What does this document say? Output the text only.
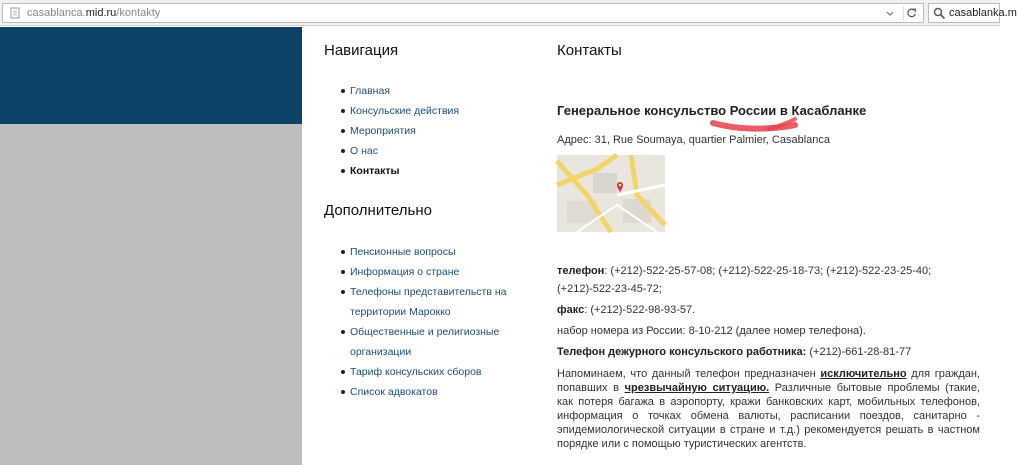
casablanca.mid.ru/kontakty	casablanka.m
Навигация
Главная
Консульские действия
Мероприятия
О нас
Контакты
Дополнительно
Пенсионные вопросы
Информация о стране
Телефоны представительств на
территории Марокко
Общественные и религиозные
организации
Тариф консульских сборов
Список адвокатов
Контакты
Генеральное консульство России в Касабланке
Адрес: 31, Rue Soumaya, quartier Palmier, Casablanca
телефон: (+212)-522-25-57-08; (+212)-522-25-18-73; (+212)-522-23-25-40; (+212)-522-23-45-72;
факс: (+212)-522-98-93-57.
набор номера из России: 8-10-212 (далее номер телефона).
Телефон дежурного консульского работника: (+212)-661-28-81-77
Напоминаем, что данный телефон предназначен исключительно для граждан, попавших в чрезвычайную ситуацию. Различные бытовые проблемы (такие, как потеря багажа в аэропорту, кражи банковских карт, мобильных телефонов, информация о точках обмена валюты, расписании поездов, санитарно - эпидемиологической ситуации в стране и т.д.) рекомендуется решать в частном порядке или с помощью туристических агентств.
